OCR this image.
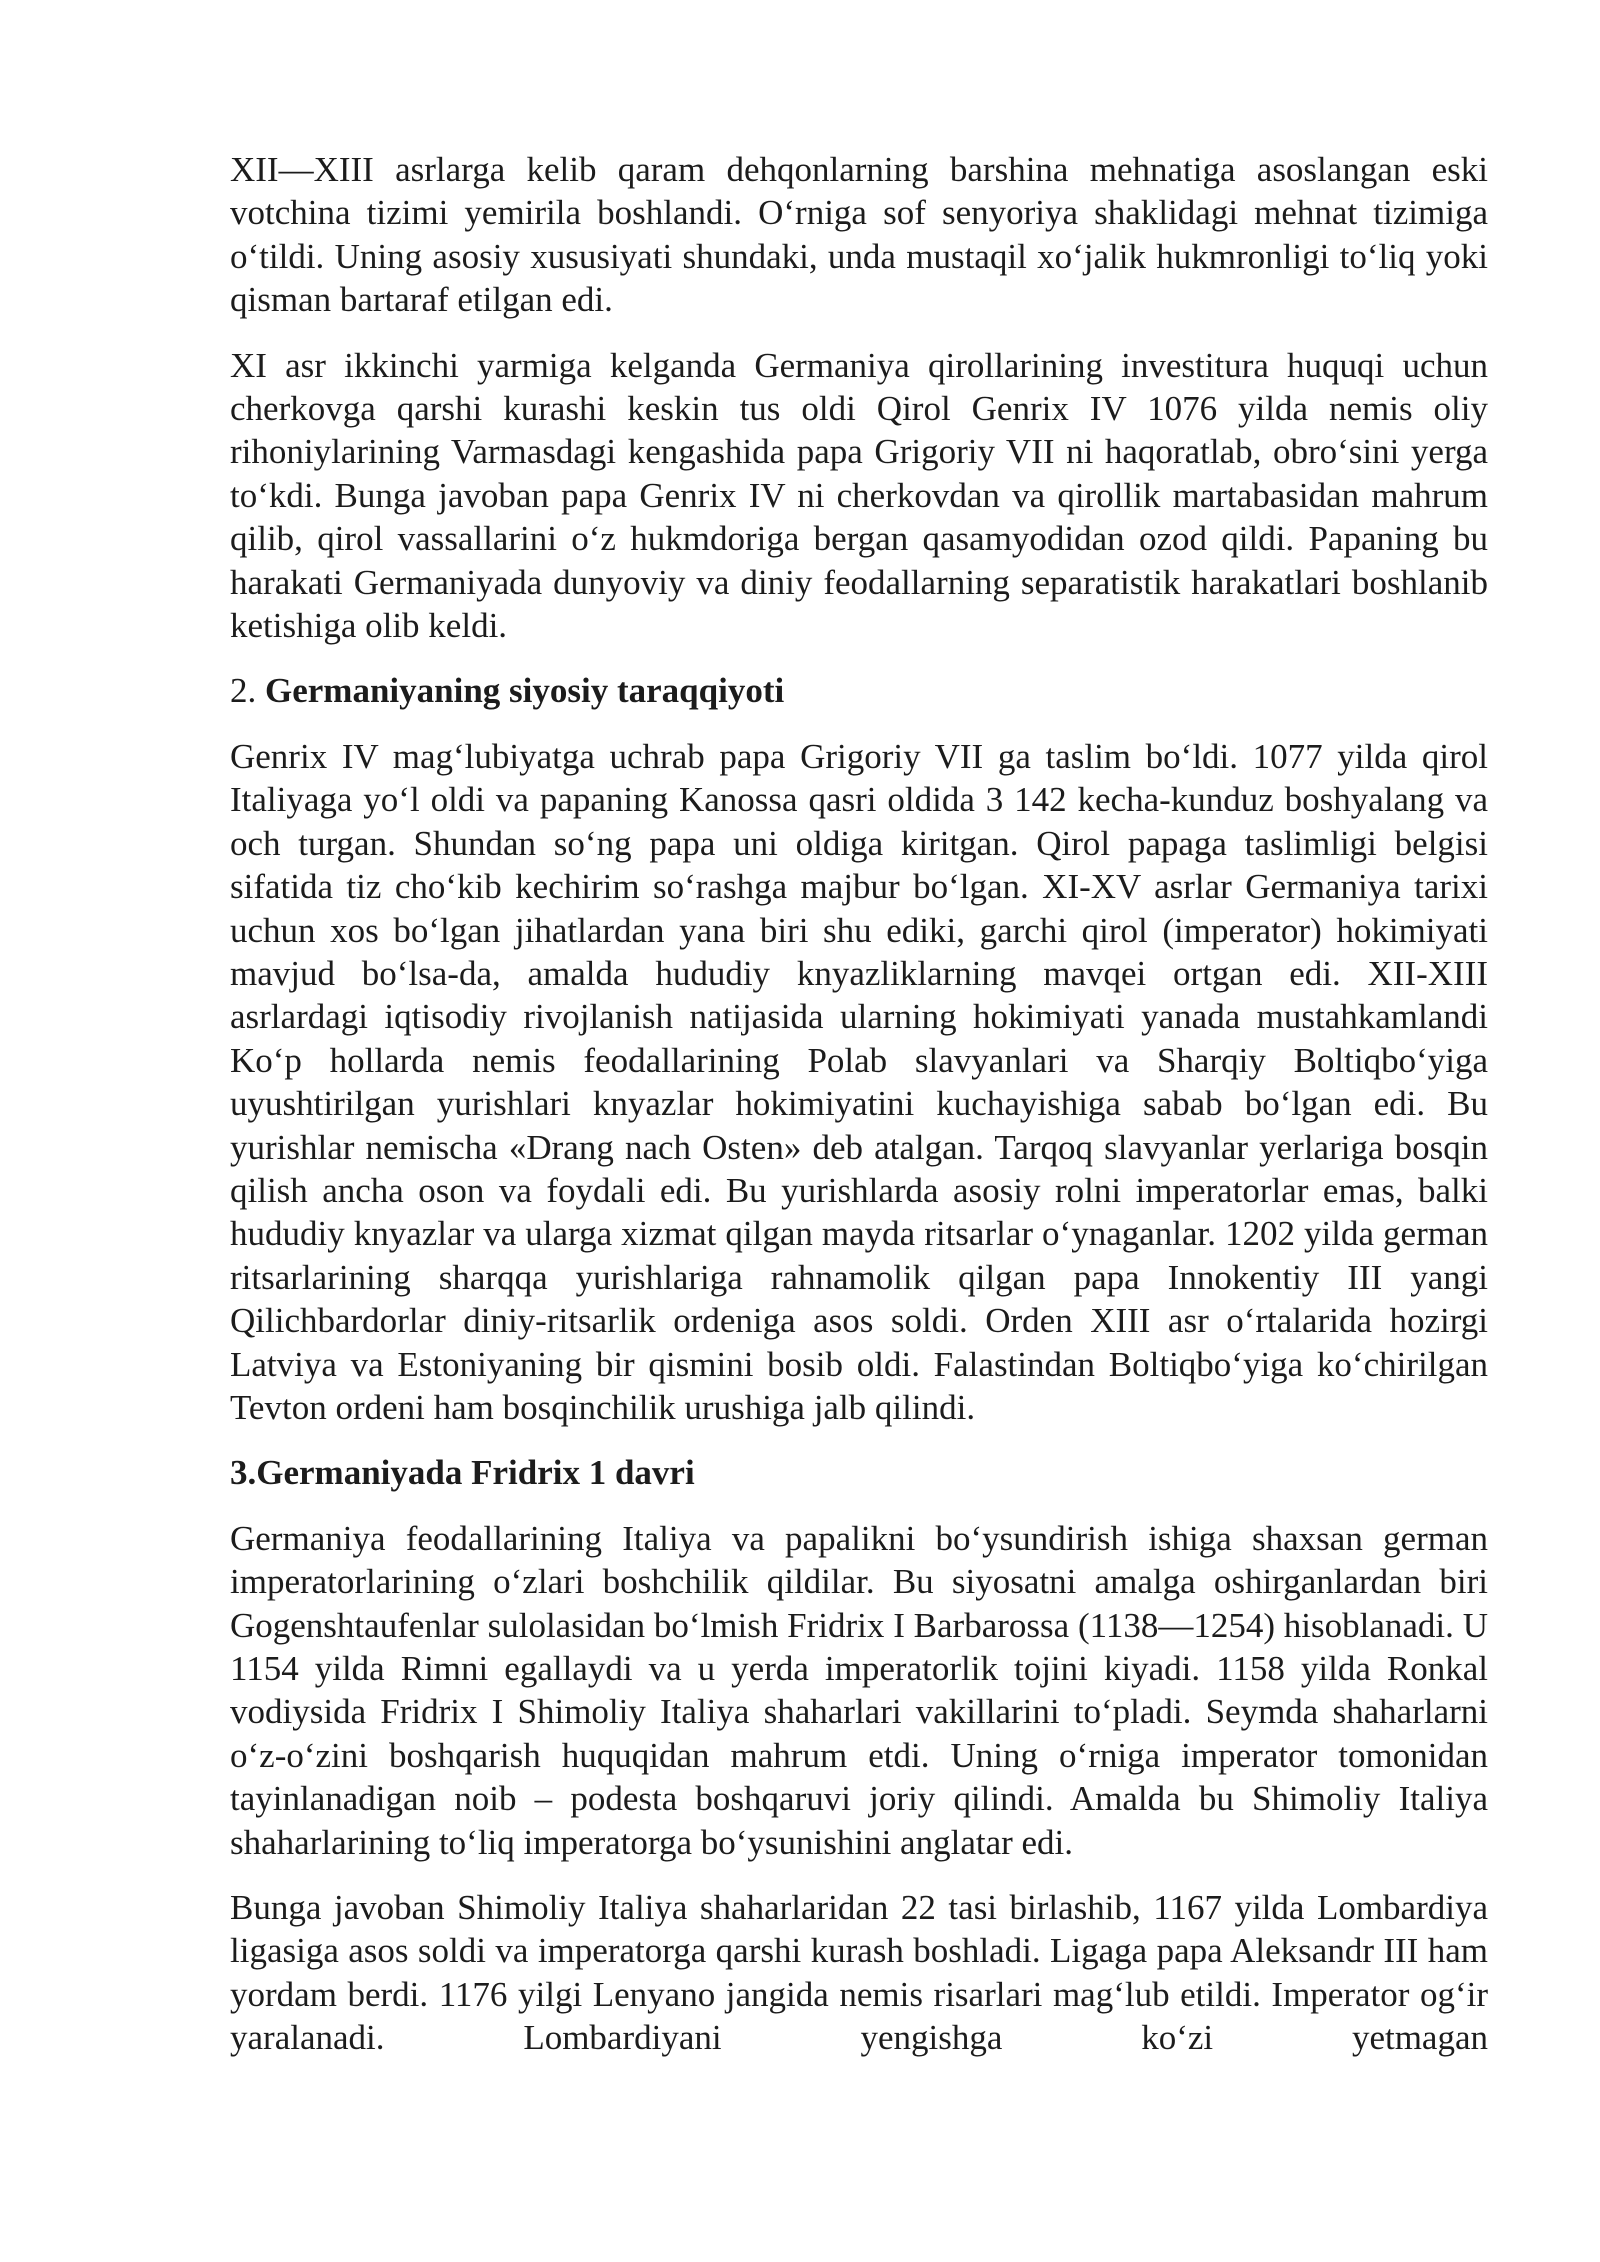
XII—XIII asrlarga kelib qaram dehqonlarning barshina mehnatiga asoslangan eski votchina tizimi yemirila boshlandi. O‘rniga sof senyoriya shaklidagi mehnat tizimiga o‘tildi. Uning asosiy xususiyati shundaki, unda mustaqil xo‘jalik hukmronligi to‘liq yoki qisman bartaraf etilgan edi.

XI asr ikkinchi yarmiga kelganda Germaniya qirollarining investitura huquqi uchun cherkovga qarshi kurashi keskin tus oldi Qirol Genrix IV 1076 yilda nemis oliy rihoniylarining Varmasdagi kengashida papa Grigoriy VII ni haqoratlab, obro‘sini yerga to‘kdi. Bunga javoban papa Genrix IV ni cherkovdan va qirollik martabasidan mahrum qilib, qirol vassallarini o‘z hukmdoriga bergan qasamyodidan ozod qildi. Papaning bu harakati Germaniyada dunyoviy va diniy feodallarning separatistik harakatlari boshlanib ketishiga olib keldi.

2. Germaniyaning siyosiy taraqqiyoti

Genrix IV mag‘lubiyatga uchrab papa Grigoriy VII ga taslim bo‘ldi. 1077 yilda qirol Italiyaga yo‘l oldi va papaning Kanossa qasri oldida 3 142 kecha-kunduz boshyalang va och turgan. Shundan so‘ng papa uni oldiga kiritgan. Qirol papaga taslimligi belgisi sifatida tiz cho‘kib kechirim so‘rashga majbur bo‘lgan. XI-XV asrlar Germaniya tarixi uchun xos bo‘lgan jihatlardan yana biri shu ediki, garchi qirol (imperator) hokimiyati mavjud bo‘lsa-da, amalda hududiy knyazliklarning mavqei ortgan edi. XII-XIII asrlardagi iqtisodiy rivojlanish natijasida ularning hokimiyati yanada mustahkamlandi Ko‘p hollarda nemis feodallarining Polab slavyanlari va Sharqiy Boltiqbo‘yiga uyushtirilgan yurishlari knyazlar hokimiyatini kuchayishiga sabab bo‘lgan edi. Bu yurishlar nemischa «Drang nach Osten» deb atalgan. Tarqoq slavyanlar yerlariga bosqin qilish ancha oson va foydali edi. Bu yurishlarda asosiy rolni imperatorlar emas, balki hududiy knyazlar va ularga xizmat qilgan mayda ritsarlar o‘ynaganlar. 1202 yilda german ritsarlarining sharqqa yurishlariga rahnamolik qilgan papa Innokentiy III yangi Qilichbardorlar diniy-ritsarlik ordeniga asos soldi. Orden XIII asr o‘rtalarida hozirgi Latviya va Estoniyaning bir qismini bosib oldi. Falastindan Boltiqbo‘yiga ko‘chirilgan Tevton ordeni ham bosqinchilik urushiga jalb qilindi.

3.Germaniyada Fridrix 1 davri

Germaniya feodallarining Italiya va papalikni bo‘ysundirish ishiga shaxsan german imperatorlarining o‘zlari boshchilik qildilar. Bu siyosatni amalga oshirganlardan biri Gogenshtaufenlar sulolasidan bo‘lmish Fridrix I Barbarossa (1138—1254) hisoblanadi. U 1154 yilda Rimni egallaydi va u yerda imperatorlik tojini kiyadi. 1158 yilda Ronkal vodiysida Fridrix I Shimoliy Italiya shaharlari vakillarini to‘pladi. Seymda shaharlarni o‘z-o‘zini boshqarish huquqidan mahrum etdi. Uning o‘rniga imperator tomonidan tayinlanadigan noib – podesta boshqaruvi joriy qilindi. Amalda bu Shimoliy Italiya shaharlarining to‘liq imperatorga bo‘ysunishini anglatar edi.

Bunga javoban Shimoliy Italiya shaharlaridan 22 tasi birlashib, 1167 yilda Lombardiya ligasiga asos soldi va imperatorga qarshi kurash boshladi. Ligaga papa Aleksandr III ham yordam berdi. 1176 yilgi Lenyano jangida nemis risarlari mag‘lub etildi. Imperator og‘ir yaralanadi. Lombardiyani yengishga ko‘zi yetmagan
